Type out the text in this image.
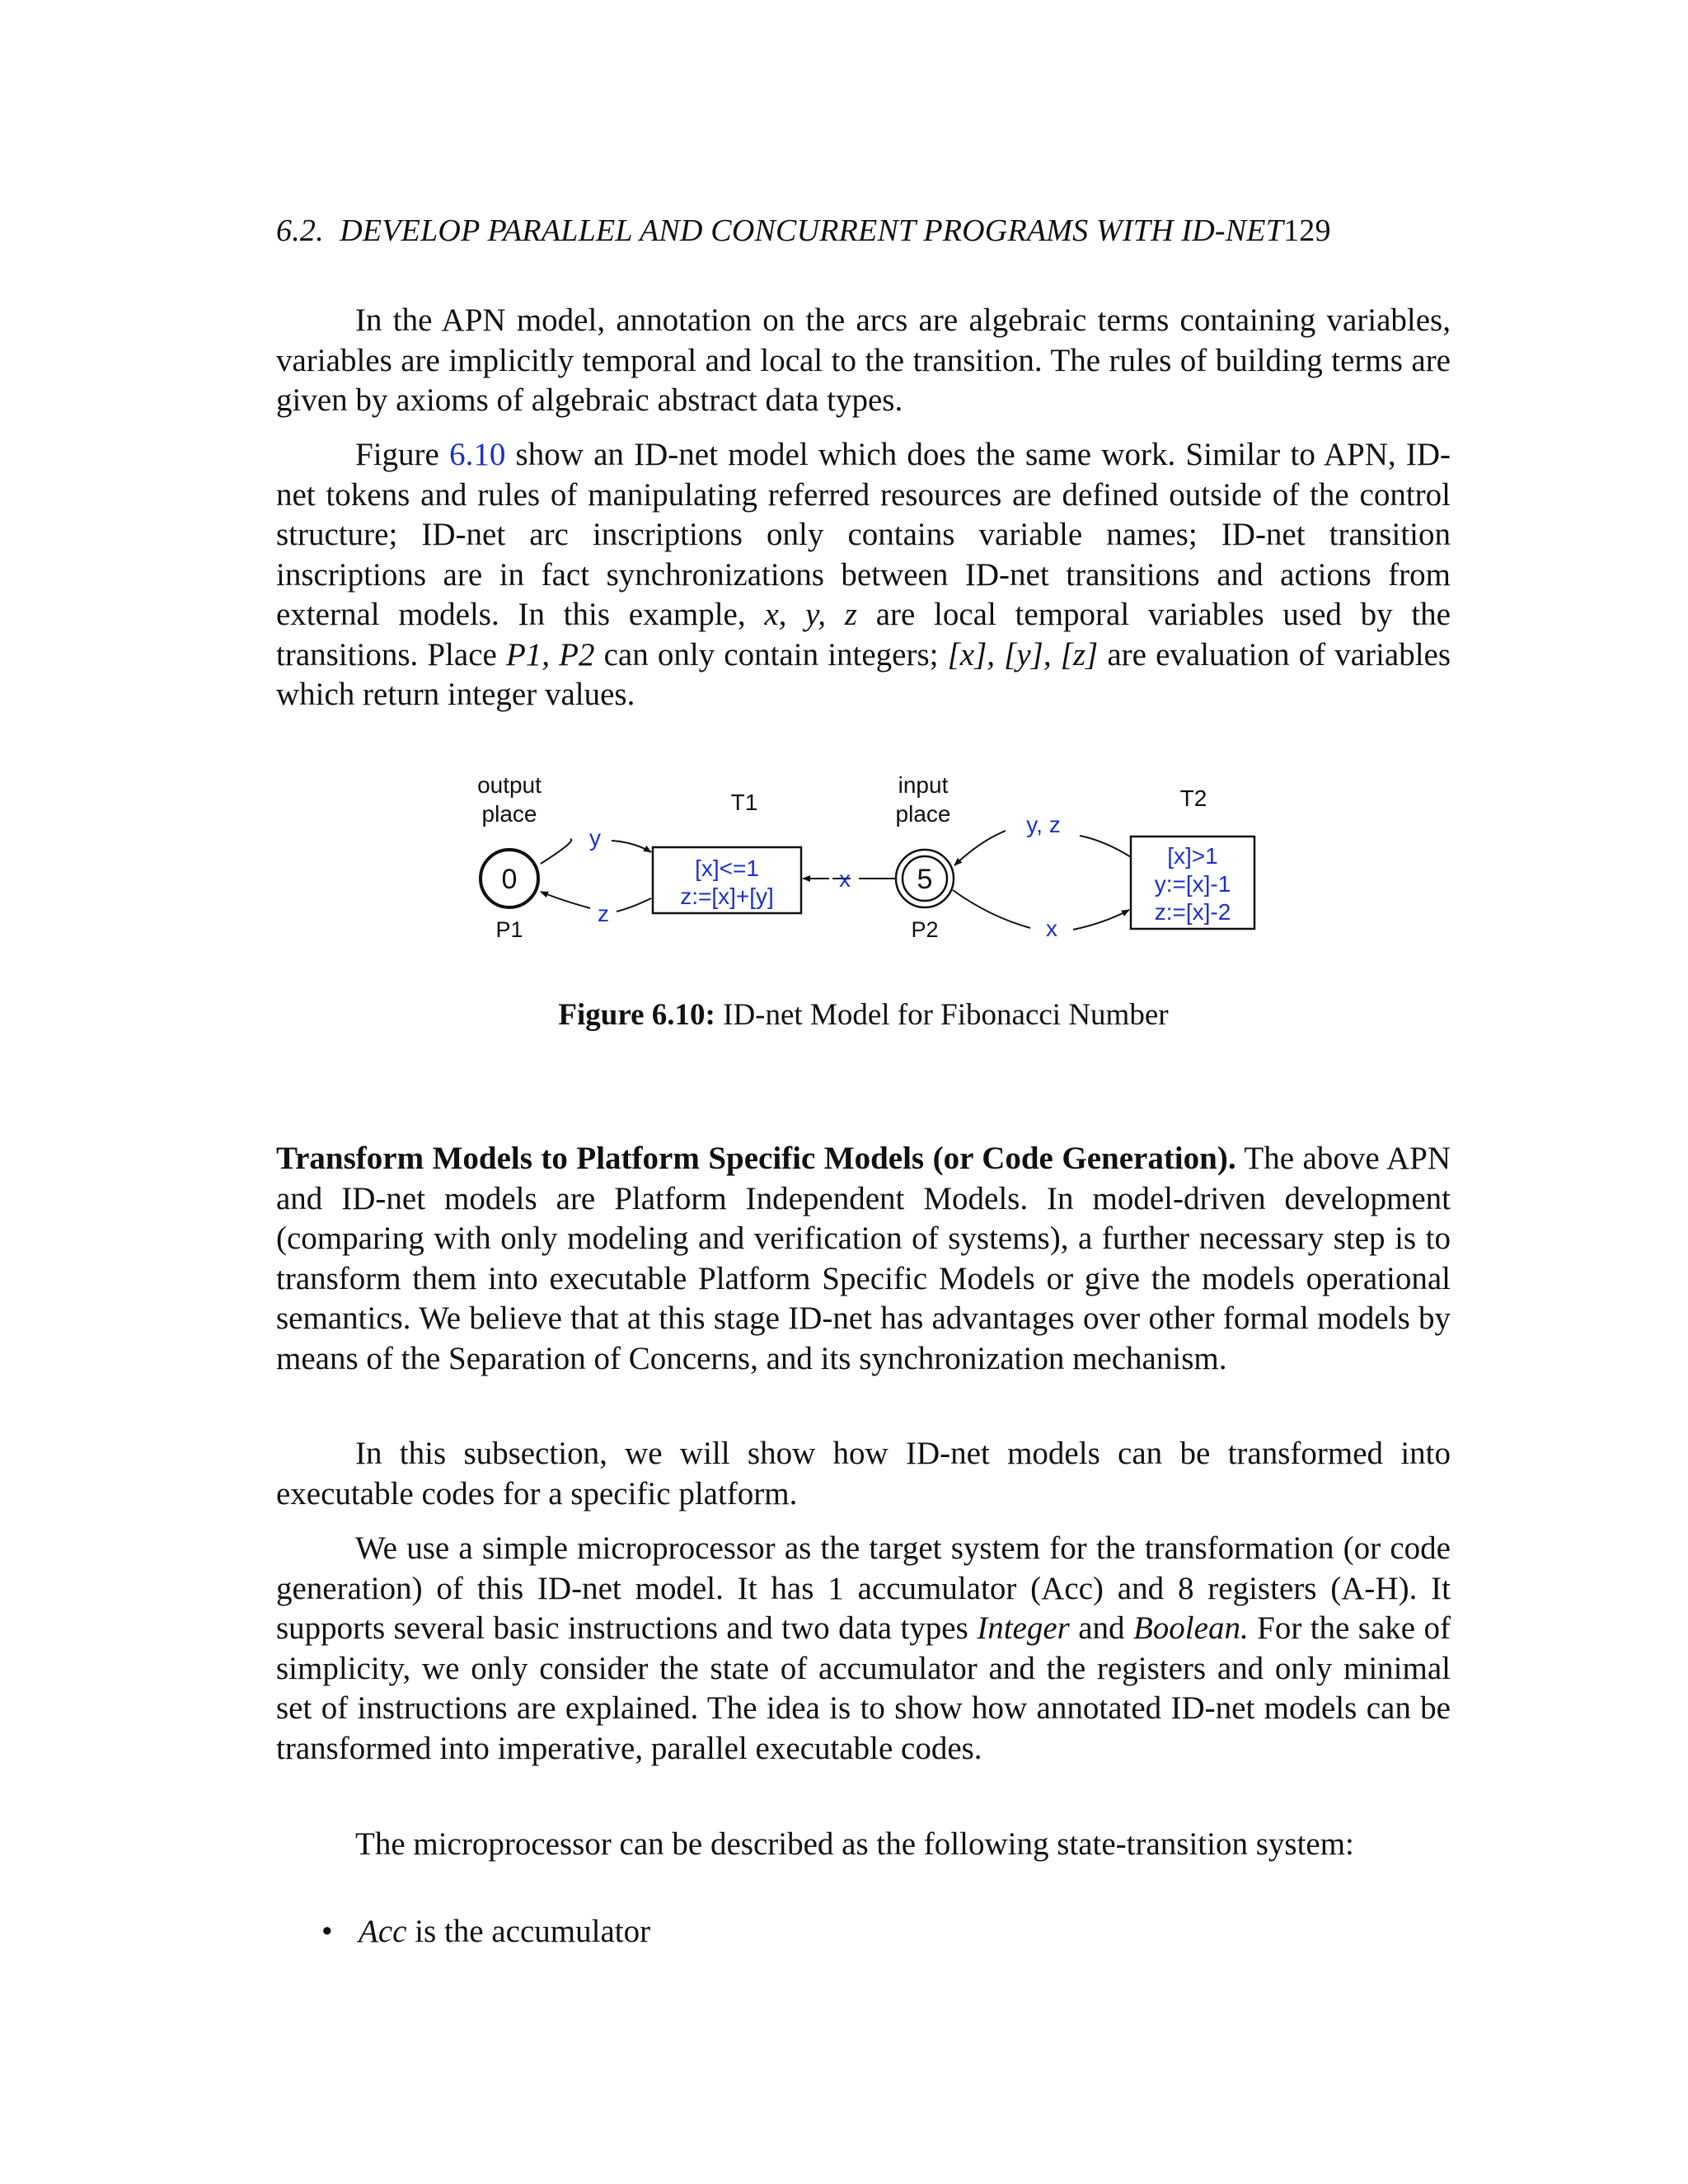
6.2. DEVELOP PARALLEL AND CONCURRENT PROGRAMS WITH ID-NET129
In the APN model, annotation on the arcs are algebraic terms containing variables, variables are implicitly temporal and local to the transition. The rules of building terms are given by axioms of algebraic abstract data types.
Figure 6.10 show an ID-net model which does the same work. Similar to APN, ID-net tokens and rules of manipulating referred resources are defined outside of the control structure; ID-net arc inscriptions only contains variable names; ID-net transition inscriptions are in fact synchronizations between ID-net transitions and actions from external models. In this example, x, y, z are local temporal variables used by the transitions. Place P1, P2 can only contain integers; [x], [y], [z] are evaluation of variables which return integer values.
output
place
0
P1
T1
[x]<=1
z:=[x]+[y]
y
z
x
input
place
5
P2
T2
[x]>1
y:=[x]-1
z:=[x]-2
y, z
x
Figure 6.10: ID-net Model for Fibonacci Number
Transform Models to Platform Specific Models (or Code Generation). The above APN and ID-net models are Platform Independent Models. In model-driven development (comparing with only modeling and verification of systems), a further necessary step is to transform them into executable Platform Specific Models or give the models operational semantics. We believe that at this stage ID-net has advantages over other formal models by means of the Separation of Concerns, and its synchronization mechanism.
In this subsection, we will show how ID-net models can be transformed into executable codes for a specific platform.
We use a simple microprocessor as the target system for the transformation (or code generation) of this ID-net model. It has 1 accumulator (Acc) and 8 registers (A-H). It supports several basic instructions and two data types Integer and Boolean. For the sake of simplicity, we only consider the state of accumulator and the registers and only minimal set of instructions are explained. The idea is to show how annotated ID-net models can be transformed into imperative, parallel executable codes.
The microprocessor can be described as the following state-transition system:
• Acc is the accumulator
